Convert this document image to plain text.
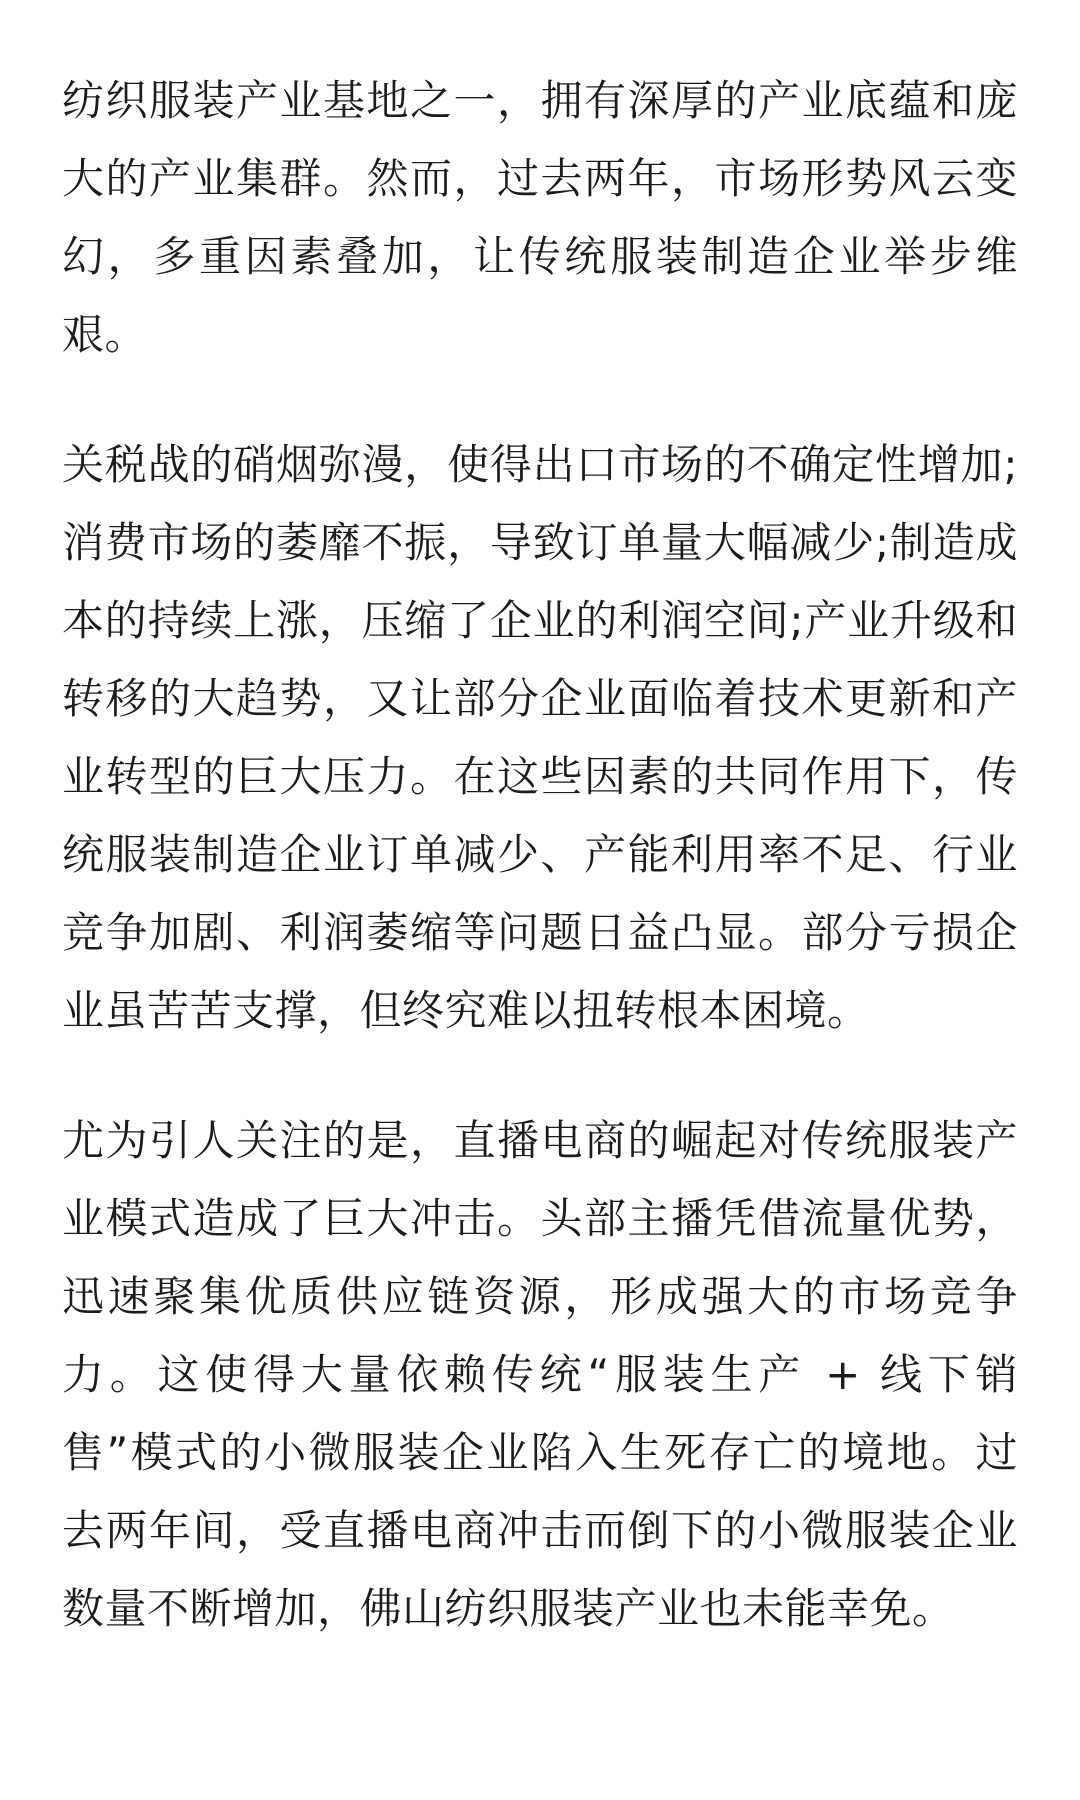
纺织服装产业基地之一，拥有深厚的产业底蕴和庞大的产业集群。然而，过去两年，市场形势风云变幻，多重因素叠加，让传统服装制造企业举步维艰。

关税战的硝烟弥漫，使得出口市场的不确定性增加;消费市场的萎靡不振，导致订单量大幅减少;制造成本的持续上涨，压缩了企业的利润空间;产业升级和转移的大趋势，又让部分企业面临着技术更新和产业转型的巨大压力。在这些因素的共同作用下，传统服装制造企业订单减少、产能利用率不足、行业竞争加剧、利润萎缩等问题日益凸显。部分亏损企业虽苦苦支撑，但终究难以扭转根本困境。

尤为引人关注的是，直播电商的崛起对传统服装产业模式造成了巨大冲击。头部主播凭借流量优势，迅速聚集优质供应链资源，形成强大的市场竞争力。这使得大量依赖传统“服装生产 + 线下销售”模式的小微服装企业陷入生死存亡的境地。过去两年间，受直播电商冲击而倒下的小微服装企业数量不断增加，佛山纺织服装产业也未能幸免。
